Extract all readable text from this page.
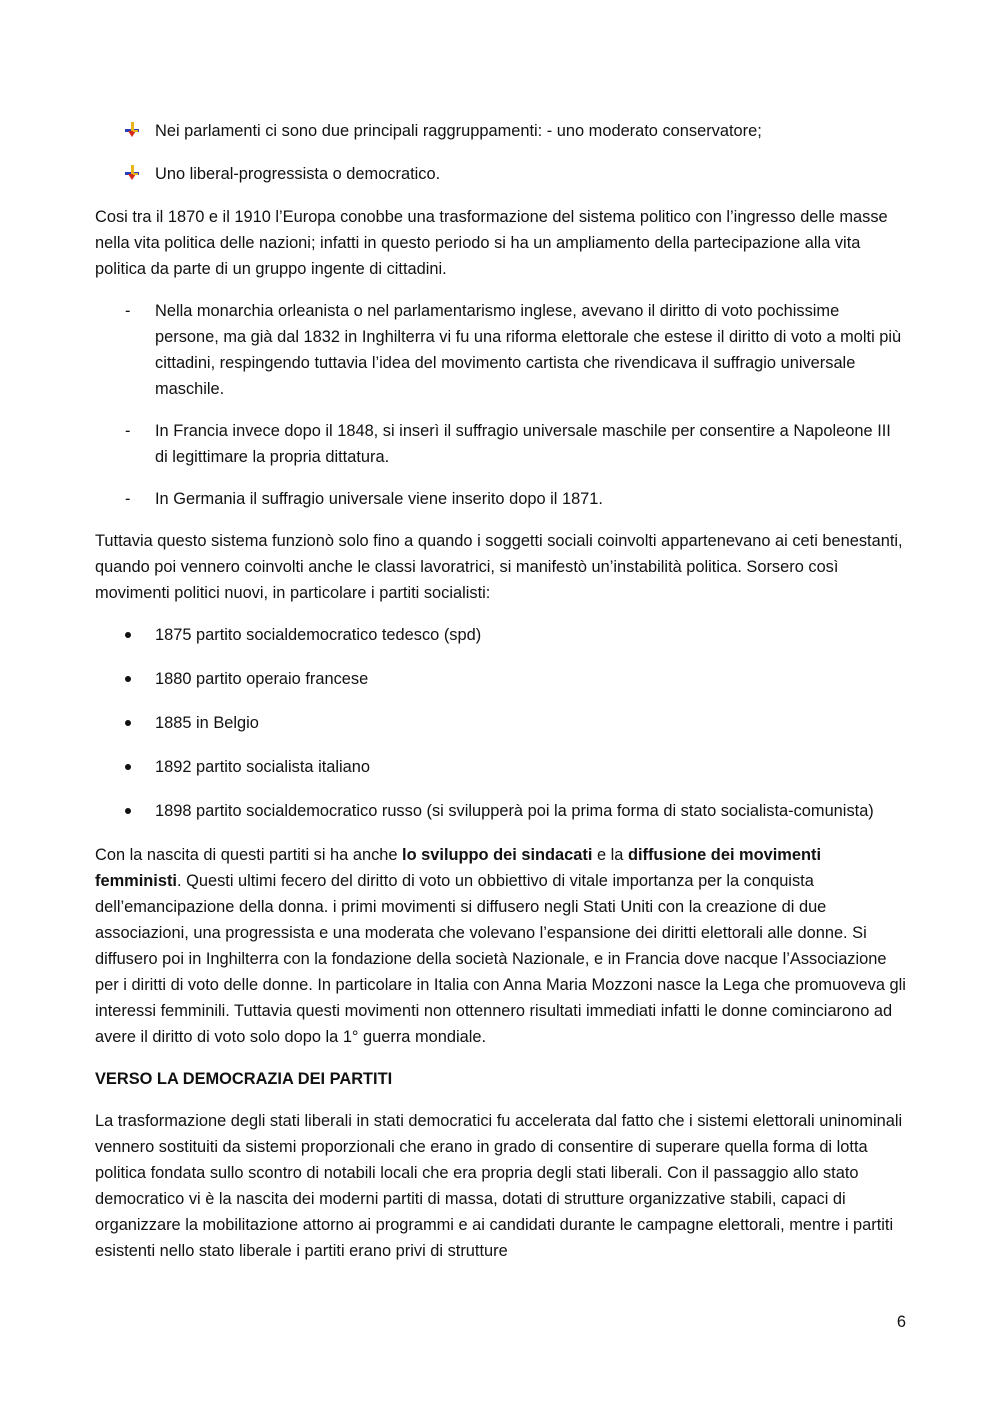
Nei parlamenti ci sono due principali raggruppamenti: - uno moderato conservatore;
Uno liberal-progressista o democratico.

Cosi tra il 1870 e il 1910 l’Europa conobbe una trasformazione del sistema politico con l’ingresso delle masse nella vita politica delle nazioni; infatti in questo periodo si ha un ampliamento della partecipazione alla vita politica da parte di un gruppo ingente di cittadini.

- Nella monarchia orleanista o nel parlamentarismo inglese, avevano il diritto di voto pochissime persone, ma già dal 1832 in Inghilterra vi fu una riforma elettorale che estese il diritto di voto a molti più cittadini, respingendo tuttavia l’idea del movimento cartista che rivendicava il suffragio universale maschile.
- In Francia invece dopo il 1848, si inserì il suffragio universale maschile per consentire a Napoleone III di legittimare la propria dittatura.
- In Germania il suffragio universale viene inserito dopo il 1871.

Tuttavia questo sistema funzionò solo fino a quando i soggetti sociali coinvolti appartenevano ai ceti benestanti, quando poi vennero coinvolti anche le classi lavoratrici, si manifestò un’instabilità politica. Sorsero così movimenti politici nuovi, in particolare i partiti socialisti:

1875 partito socialdemocratico tedesco (spd)
1880 partito operaio francese
1885 in Belgio
1892 partito socialista italiano
1898 partito socialdemocratico russo (si svilupperà poi la prima forma di stato socialista-comunista)

Con la nascita di questi partiti si ha anche lo sviluppo dei sindacati e la diffusione dei movimenti femministi. Questi ultimi fecero del diritto di voto un obbiettivo di vitale importanza per la conquista dell’emancipazione della donna. i primi movimenti si diffusero negli Stati Uniti con la creazione di due associazioni, una progressista e una moderata che volevano l’espansione dei diritti elettorali alle donne. Si diffusero poi in Inghilterra con la fondazione della società Nazionale, e in Francia dove nacque l’Associazione per i diritti di voto delle donne. In particolare in Italia con Anna Maria Mozzoni nasce la Lega che promuoveva gli interessi femminili. Tuttavia questi movimenti non ottennero risultati immediati infatti le donne cominciarono ad avere il diritto di voto solo dopo la 1° guerra mondiale.

VERSO LA DEMOCRAZIA DEI PARTITI

La trasformazione degli stati liberali in stati democratici fu accelerata dal fatto che i sistemi elettorali uninominali vennero sostituiti da sistemi proporzionali che erano in grado di consentire di superare quella forma di lotta politica fondata sullo scontro di notabili locali che era propria degli stati liberali. Con il passaggio allo stato democratico vi è la nascita dei moderni partiti di massa, dotati di strutture organizzative stabili, capaci di organizzare la mobilitazione attorno ai programmi e ai candidati durante le campagne elettorali, mentre i partiti esistenti nello stato liberale i partiti erano privi di strutture

6
